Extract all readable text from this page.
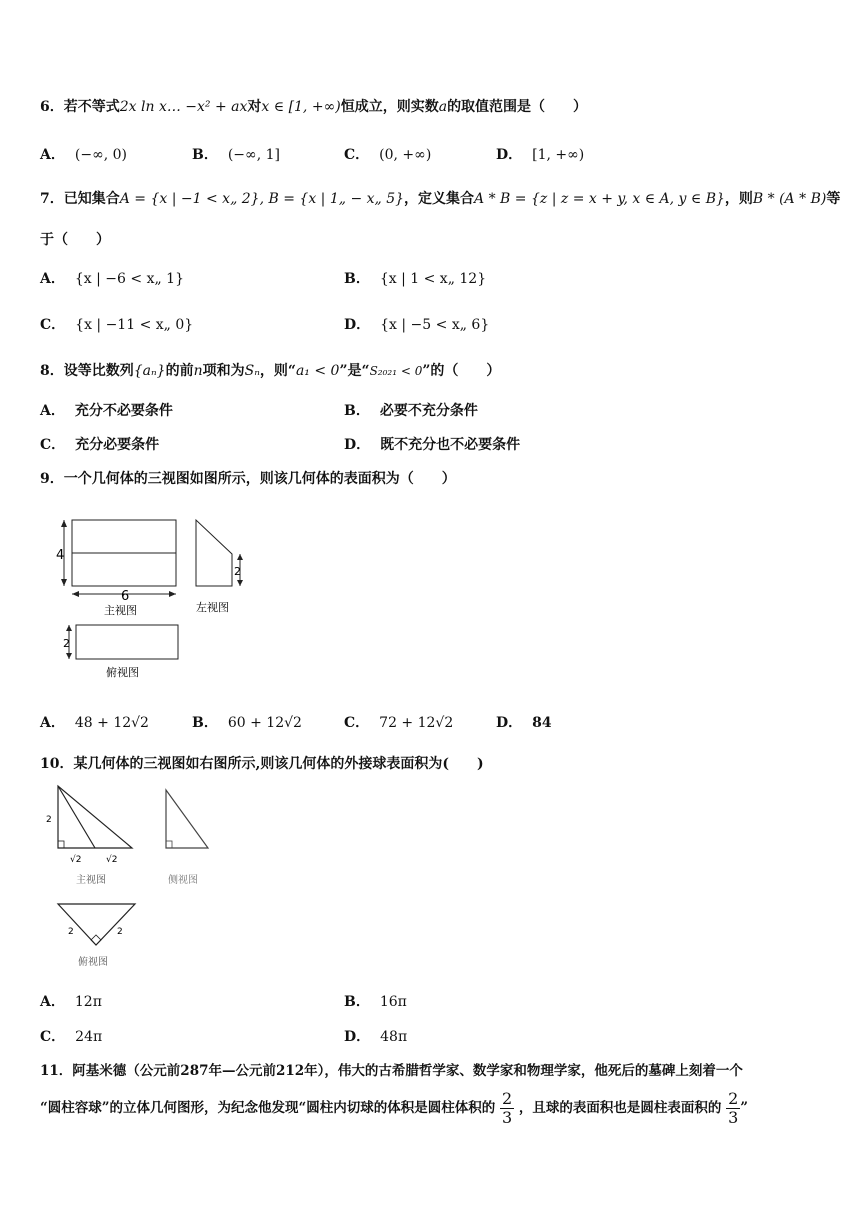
6．若不等式2x ln x… −x² + ax对x ∈ [1, +∞)恒成立，则实数a的取值范围是（　　）
A． (−∞, 0)	B． (−∞, 1]	C． (0, +∞)	D． [1, +∞)
7．已知集合A = {x | −1 < x„ 2}, B = {x | 1„ − x„ 5}，定义集合A * B = {z | z = x + y, x ∈ A, y ∈ B}，则B * (A * B)等
于（　　）
A． {x | −6 < x„ 1}	B． {x | 1 < x„ 12}
C． {x | −11 < x„ 0}	D． {x | −5 < x„ 6}
8．设等比数列{aₙ}的前n项和为Sₙ，则“a₁ < 0”是“S₂₀₂₁ < 0”的（　　）
A． 充分不必要条件	B． 必要不充分条件
C． 充分必要条件	D． 既不充分也不必要条件
9．一个几何体的三视图如图所示，则该几何体的表面积为（　　）
4
6
主视图
2
左视图
2
俯视图
A． 48 + 12√2	B． 60 + 12√2	C． 72 + 12√2	D． 84
10．某几何体的三视图如右图所示,则该几何体的外接球表面积为(　　)
2
√2	√2
主视图	侧视图
2	2
俯视图
A． 12π	B． 16π
C． 24π	D． 48π
11．阿基米德（公元前287年—公元前212年），伟大的古希腊哲学家、数学家和物理学家，他死后的墓碑上刻着一个
“圆柱容球”的立体几何图形，为纪念他发现“圆柱内切球的体积是圆柱体积的 $\frac{2}{3}$ ，且球的表面积也是圆柱表面积的 $\frac{2}{3}$ ”
